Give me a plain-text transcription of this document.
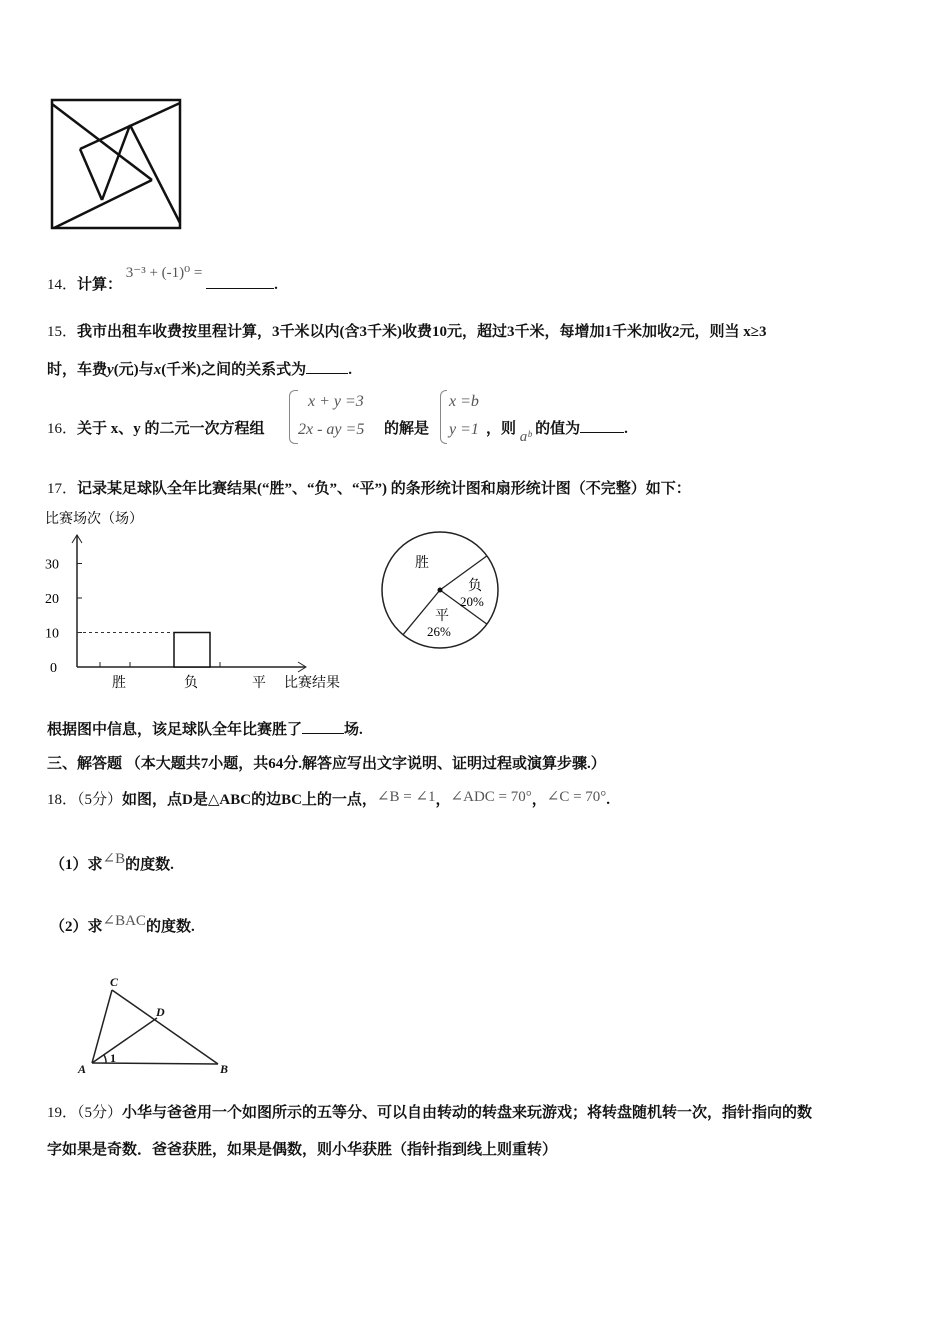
14．计算： 3⁻³ + (-1)⁰ = .
15．我市出租车收费按里程计算，3千米以内(含3千米)收费10元，超过3千米，每增加1千米加收2元，则当 x≥3
时，车费y(元)与x(千米)之间的关系式为	.
16．关于 x、y 的二元一次方程组
x + y =3
2x - ay =5 的解是
x =b
y =1 ，则 aᵇ 的值为	.
17．记录某足球队全年比赛结果(“胜”、“负”、“平”) 的条形统计图和扇形统计图（不完整）如下：
比赛场次（场）
比赛结果
0
10
20
30
胜	负	平
胜
负
20%
平
26%
根据图中信息，该足球队全年比赛胜了	场.
三、解答题 （本大题共7小题，共64分.解答应写出文字说明、证明过程或演算步骤.）
18．（5分）如图，点D是△ABC的边BC上的一点，∠B = ∠1，∠ADC = 70°，∠C = 70°.
（1）求∠B的度数.
（2）求∠BAC的度数.
A	B
C
D
1
19．（5分）小华与爸爸用一个如图所示的五等分、可以自由转动的转盘来玩游戏；将转盘随机转一次，指针指向的数
字如果是奇数．爸爸获胜，如果是偶数，则小华获胜（指针指到线上则重转）
